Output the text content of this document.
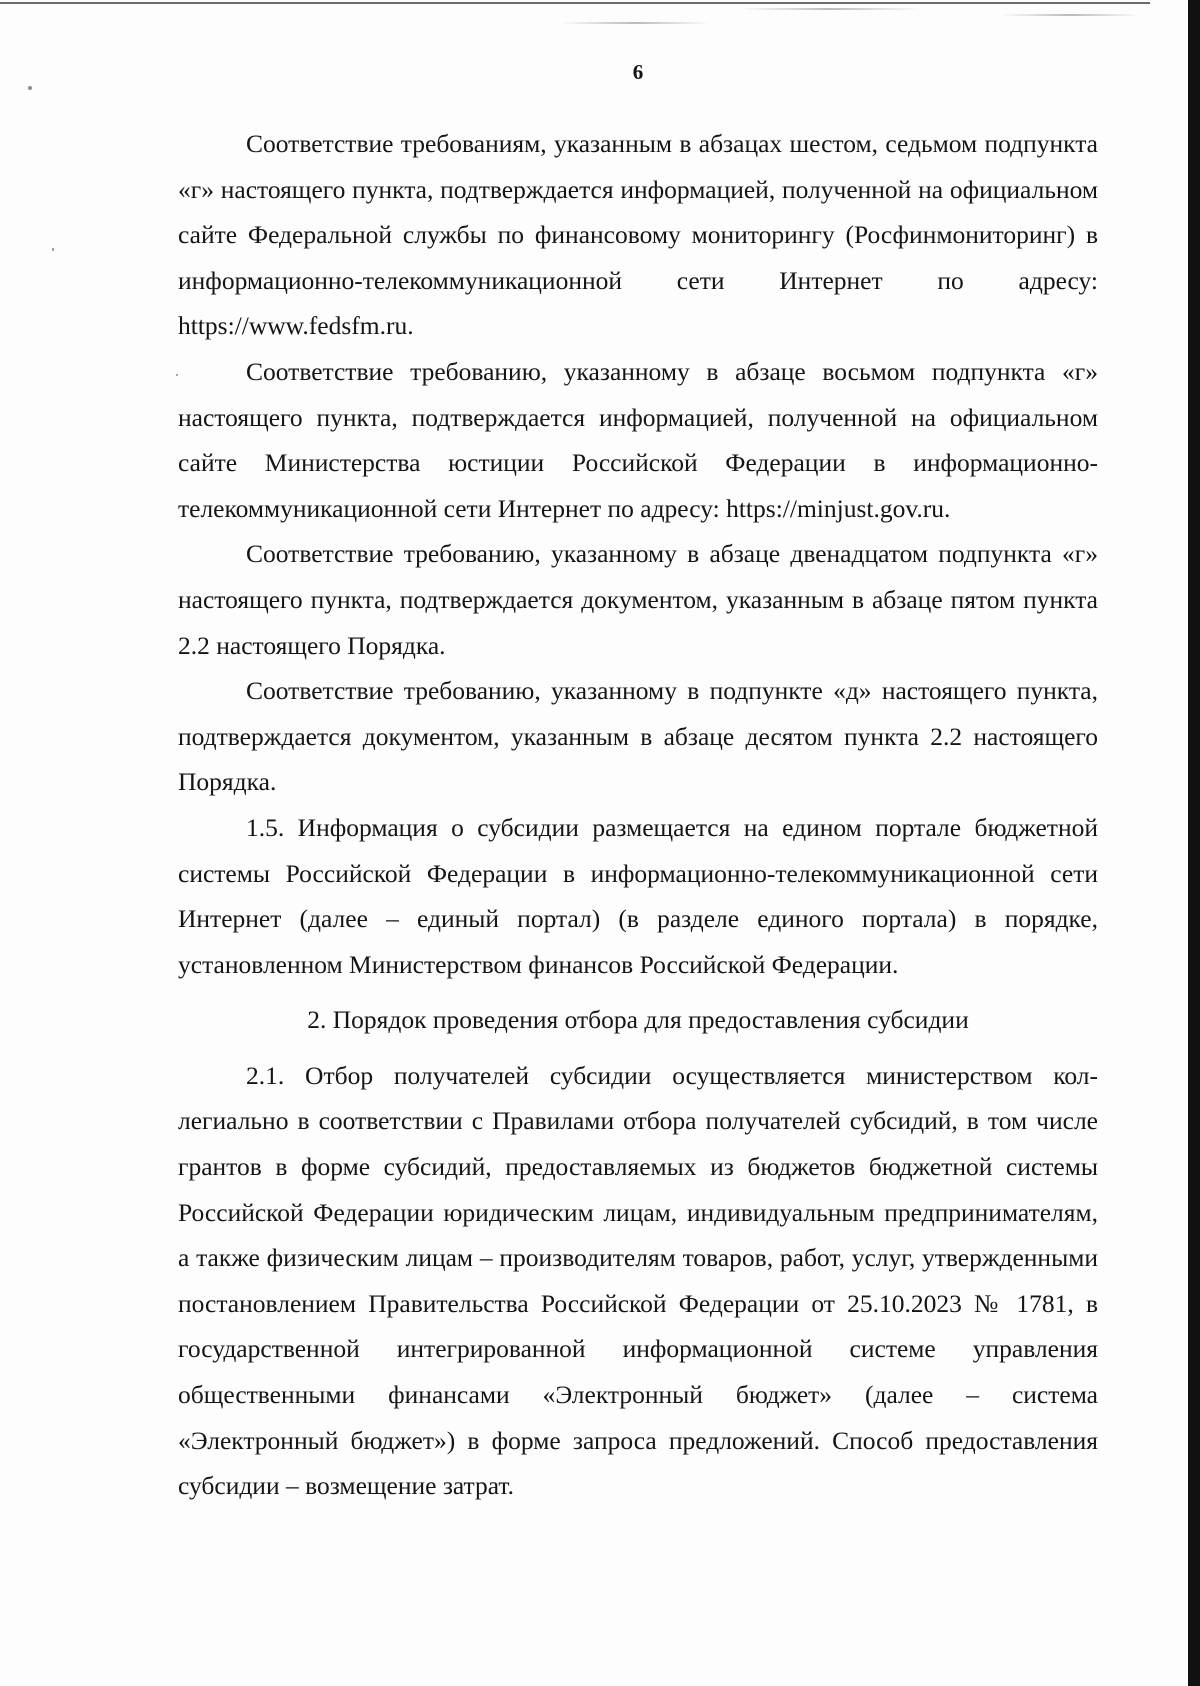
6

Соответствие требованиям, указанным в абзацах шестом, седьмом подпункта «г» настоящего пункта, подтверждается информацией, полученной на официальном сайте Федеральной службы по финансовому мониторингу (Росфинмониторинг) в информационно-телекоммуникационной сети Интернет по адресу: https://www.fedsfm.ru.

Соответствие требованию, указанному в абзаце восьмом подпункта «г» настоящего пункта, подтверждается информацией, полученной на официальном сайте Министерства юстиции Российской Федерации в информационно-телекоммуникационной сети Интернет по адресу: https://minjust.gov.ru.

Соответствие требованию, указанному в абзаце двенадцатом подпункта «г» настоящего пункта, подтверждается документом, указанным в абзаце пятом пункта 2.2 настоящего Порядка.

Соответствие требованию, указанному в подпункте «д» настоящего пункта, подтверждается документом, указанным в абзаце десятом пункта 2.2 настоящего Порядка.

1.5. Информация о субсидии размещается на едином портале бюджетной системы Российской Федерации в информационно-телекоммуникационной сети Интернет (далее – единый портал) (в разделе единого портала) в порядке, установленном Министерством финансов Российской Федерации.

2. Порядок проведения отбора для предоставления субсидии

2.1. Отбор получателей субсидии осуществляется министерством коллегиально в соответствии с Правилами отбора получателей субсидий, в том числе грантов в форме субсидий, предоставляемых из бюджетов бюджетной системы Российской Федерации юридическим лицам, индивидуальным предпринимателям, а также физическим лицам – производителям товаров, работ, услуг, утвержденными постановлением Правительства Российской Федерации от 25.10.2023 № 1781, в государственной интегрированной информационной системе управления общественными финансами «Электронный бюджет» (далее – система «Электронный бюджет») в форме запроса предложений. Способ предоставления субсидии – возмещение затрат.
